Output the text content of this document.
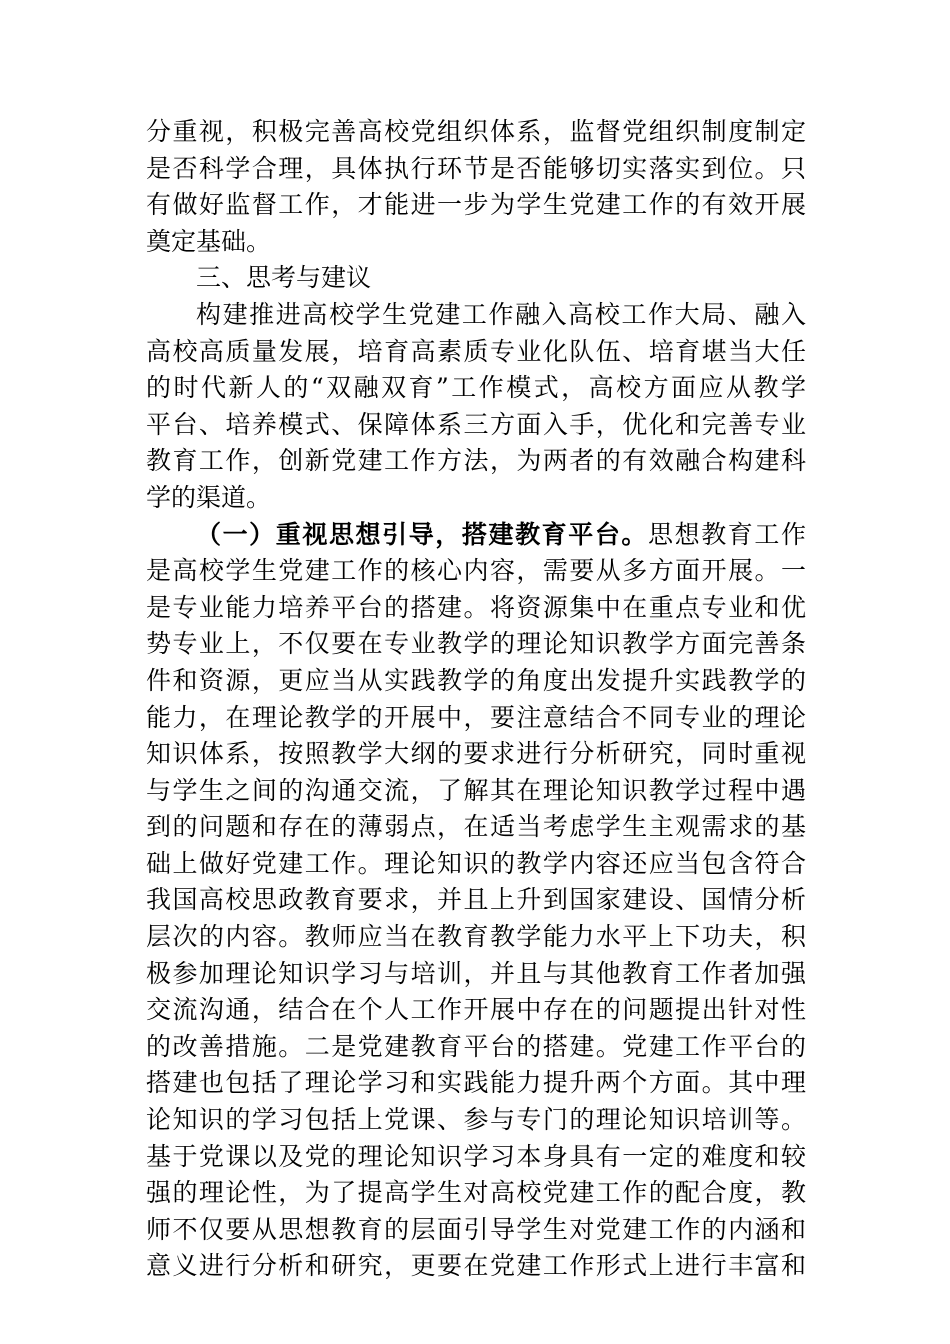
分重视，积极完善高校党组织体系，监督党组织制度制定
是否科学合理，具体执行环节是否能够切实落实到位。只
有做好监督工作，才能进一步为学生党建工作的有效开展
奠定基础。
三、思考与建议
构建推进高校学生党建工作融入高校工作大局、融入
高校高质量发展，培育高素质专业化队伍、培育堪当大任
的时代新人的“双融双育”工作模式，高校方面应从教学
平台、培养模式、保障体系三方面入手，优化和完善专业
教育工作，创新党建工作方法，为两者的有效融合构建科
学的渠道。
（一）重视思想引导，搭建教育平台。思想教育工作
是高校学生党建工作的核心内容，需要从多方面开展。一
是专业能力培养平台的搭建。将资源集中在重点专业和优
势专业上，不仅要在专业教学的理论知识教学方面完善条
件和资源，更应当从实践教学的角度出发提升实践教学的
能力，在理论教学的开展中，要注意结合不同专业的理论
知识体系，按照教学大纲的要求进行分析研究，同时重视
与学生之间的沟通交流，了解其在理论知识教学过程中遇
到的问题和存在的薄弱点，在适当考虑学生主观需求的基
础上做好党建工作。理论知识的教学内容还应当包含符合
我国高校思政教育要求，并且上升到国家建设、国情分析
层次的内容。教师应当在教育教学能力水平上下功夫，积
极参加理论知识学习与培训，并且与其他教育工作者加强
交流沟通，结合在个人工作开展中存在的问题提出针对性
的改善措施。二是党建教育平台的搭建。党建工作平台的
搭建也包括了理论学习和实践能力提升两个方面。其中理
论知识的学习包括上党课、参与专门的理论知识培训等。
基于党课以及党的理论知识学习本身具有一定的难度和较
强的理论性，为了提高学生对高校党建工作的配合度，教
师不仅要从思想教育的层面引导学生对党建工作的内涵和
意义进行分析和研究，更要在党建工作形式上进行丰富和
